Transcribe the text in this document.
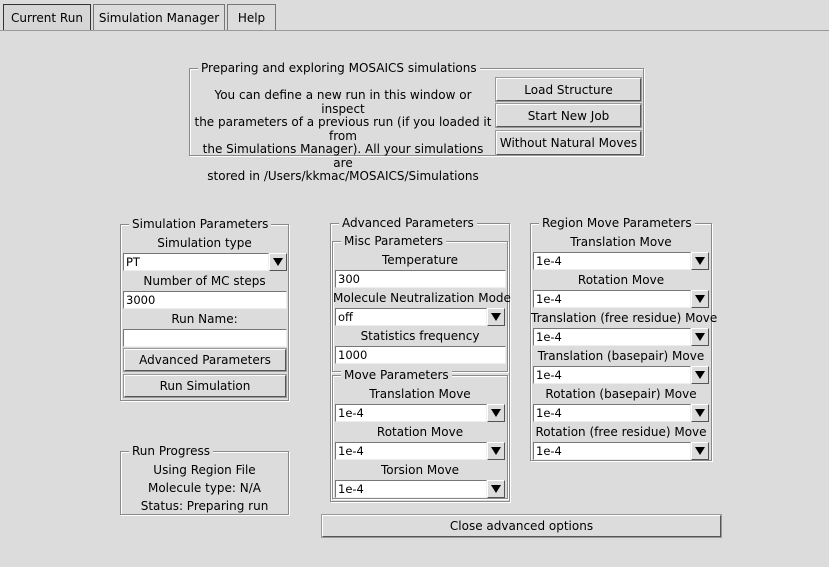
Current Run	Simulation Manager	Help
Preparing and exploring MOSAICS simulations
You can define a new run in this window or inspect
the parameters of a previous run (if you loaded it from
the Simulations Manager). All your simulations are
stored in /Users/kkmac/MOSAICS/Simulations
Load Structure
Start New Job
Without Natural Moves
Simulation Parameters
Simulation type
PT
Number of MC steps
3000
Run Name:
Advanced Parameters
Run Simulation
Run Progress
Using Region File
Molecule type: N/A
Status: Preparing run
Advanced Parameters
Misc Parameters
Temperature
300
Molecule Neutralization Mode
off
Statistics frequency
1000
Move Parameters
Translation Move
1e-4
Rotation Move
1e-4
Torsion Move
1e-4
Close advanced options
Region Move Parameters
Translation Move
1e-4
Rotation Move
1e-4
Translation (free residue) Move
1e-4
Translation (basepair) Move
1e-4
Rotation (basepair) Move
1e-4
Rotation (free residue) Move
1e-4
